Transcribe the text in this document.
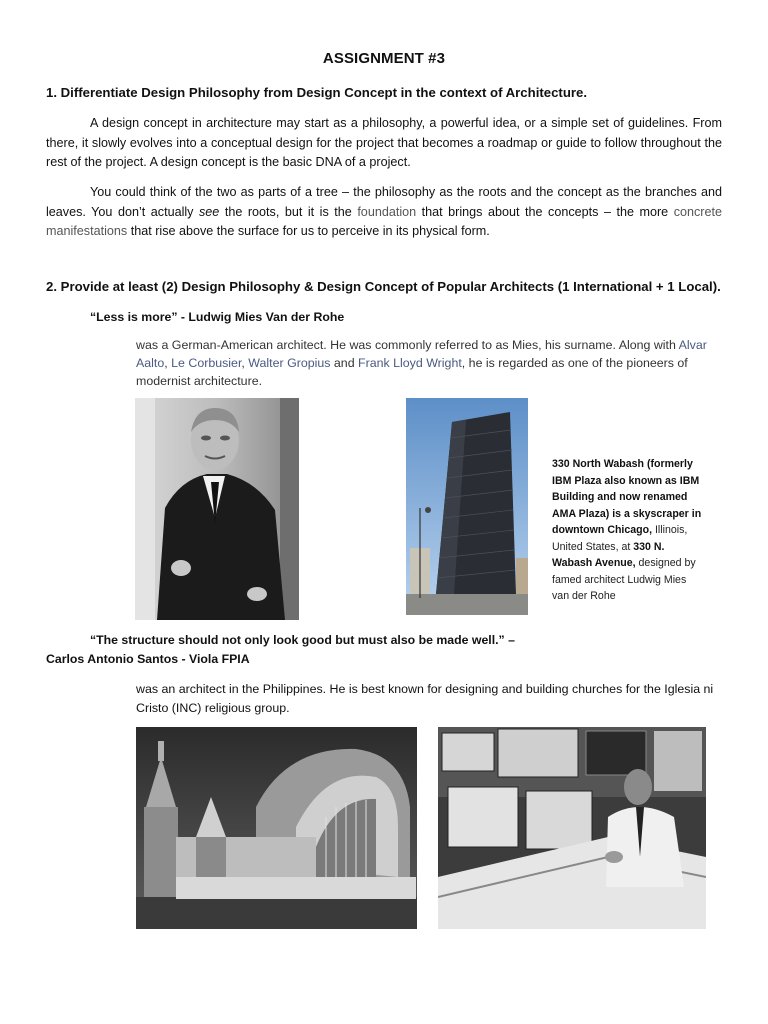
ASSIGNMENT #3
1. Differentiate Design Philosophy from Design Concept in the context of Architecture.
A design concept in architecture may start as a philosophy, a powerful idea, or a simple set of guidelines. From there, it slowly evolves into a conceptual design for the project that becomes a roadmap or guide to follow throughout the rest of the project. A design concept is the basic DNA of a project.
You could think of the two as parts of a tree – the philosophy as the roots and the concept as the branches and leaves. You don’t actually see the roots, but it is the foundation that brings about the concepts – the more concrete manifestations that rise above the surface for us to perceive in its physical form.
2. Provide at least (2) Design Philosophy & Design Concept of Popular Architects (1 International + 1 Local).
“Less is more” - Ludwig Mies Van der Rohe
was a German-American architect. He was commonly referred to as Mies, his surname. Along with Alvar Aalto, Le Corbusier, Walter Gropius and Frank Lloyd Wright, he is regarded as one of the pioneers of modernist architecture.
330 North Wabash (formerly IBM Plaza also known as IBM Building and now renamed AMA Plaza) is a skyscraper in downtown Chicago, Illinois, United States, at 330 N. Wabash Avenue, designed by famed architect Ludwig Mies van der Rohe
“The structure should not only look good but must also be made well.” –
Carlos Antonio Santos - Viola FPIA
was an architect in the Philippines. He is best known for designing and building churches for the Iglesia ni Cristo (INC) religious group.
